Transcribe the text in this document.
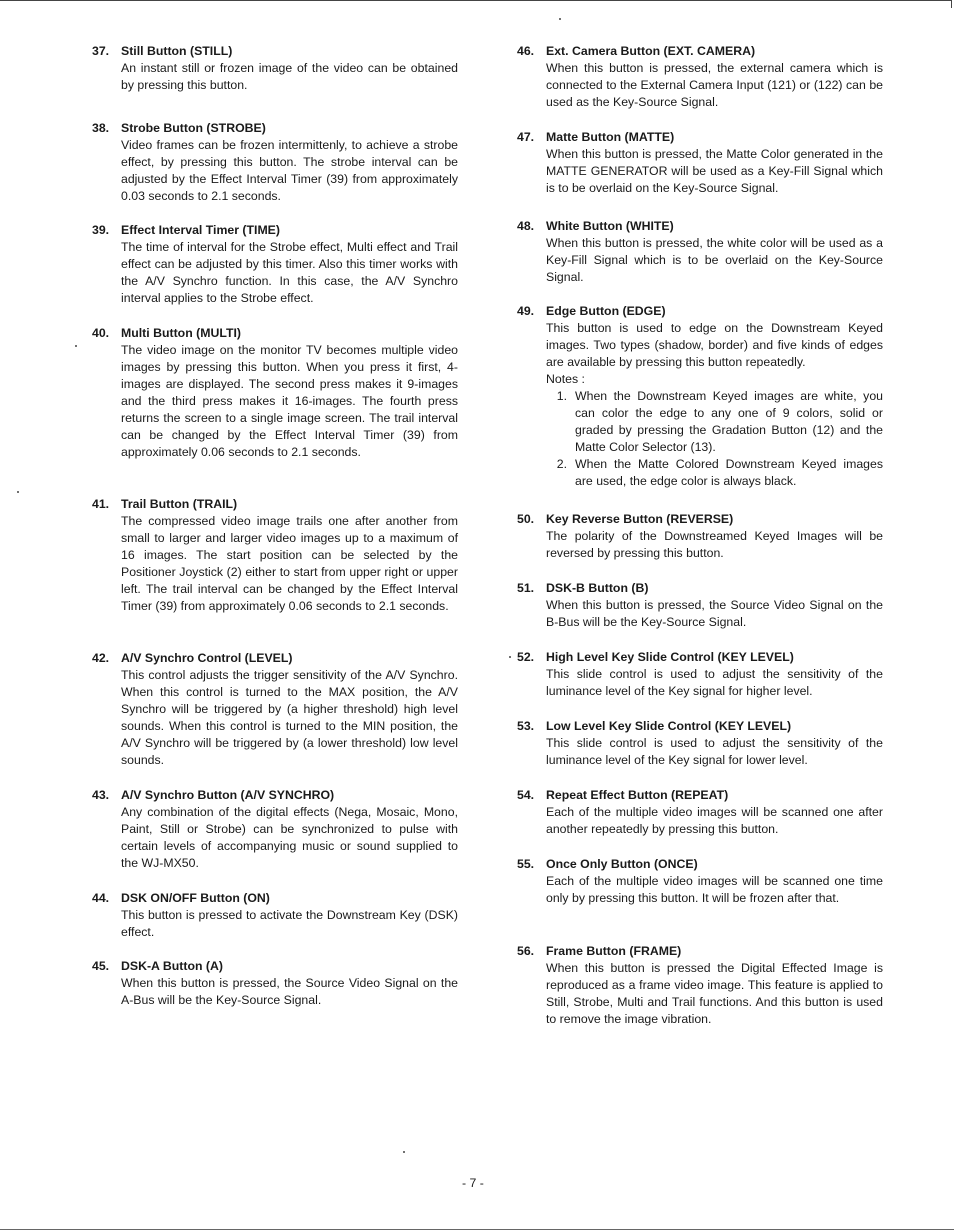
37. Still Button (STILL)
An instant still or frozen image of the video can be obtained by pressing this button.
38. Strobe Button (STROBE)
Video frames can be frozen intermittenly, to achieve a strobe effect, by pressing this button. The strobe interval can be adjusted by the Effect Interval Timer (39) from approximately 0.03 seconds to 2.1 seconds.
39. Effect Interval Timer (TIME)
The time of interval for the Strobe effect, Multi effect and Trail effect can be adjusted by this timer. Also this timer works with the A/V Synchro function. In this case, the A/V Synchro interval applies to the Strobe effect.
40. Multi Button (MULTI)
The video image on the monitor TV becomes multiple video images by pressing this button. When you press it first, 4-images are displayed. The second press makes it 9-images and the third press makes it 16-images. The fourth press returns the screen to a single image screen. The trail interval can be changed by the Effect Interval Timer (39) from approximately 0.06 seconds to 2.1 seconds.
41. Trail Button (TRAIL)
The compressed video image trails one after another from small to larger and larger video images up to a maximum of 16 images. The start position can be selected by the Positioner Joystick (2) either to start from upper right or upper left. The trail interval can be changed by the Effect Interval Timer (39) from approximately 0.06 seconds to 2.1 seconds.
42. A/V Synchro Control (LEVEL)
This control adjusts the trigger sensitivity of the A/V Synchro. When this control is turned to the MAX position, the A/V Synchro will be triggered by (a higher threshold) high level sounds. When this control is turned to the MIN position, the A/V Synchro will be triggered by (a lower threshold) low level sounds.
43. A/V Synchro Button (A/V SYNCHRO)
Any combination of the digital effects (Nega, Mosaic, Mono, Paint, Still or Strobe) can be synchronized to pulse with certain levels of accompanying music or sound supplied to the WJ-MX50.
44. DSK ON/OFF Button (ON)
This button is pressed to activate the Downstream Key (DSK) effect.
45. DSK-A Button (A)
When this button is pressed, the Source Video Signal on the A-Bus will be the Key-Source Signal.
46. Ext. Camera Button (EXT. CAMERA)
When this button is pressed, the external camera which is connected to the External Camera Input (121) or (122) can be used as the Key-Source Signal.
47. Matte Button (MATTE)
When this button is pressed, the Matte Color generated in the MATTE GENERATOR will be used as a Key-Fill Signal which is to be overlaid on the Key-Source Signal.
48. White Button (WHITE)
When this button is pressed, the white color will be used as a Key-Fill Signal which is to be overlaid on the Key-Source Signal.
49. Edge Button (EDGE)
This button is used to edge on the Downstream Keyed images. Two types (shadow, border) and five kinds of edges are available by pressing this button repeatedly.
Notes :
1. When the Downstream Keyed images are white, you can color the edge to any one of 9 colors, solid or graded by pressing the Gradation Button (12) and the Matte Color Selector (13).
2. When the Matte Colored Downstream Keyed images are used, the edge color is always black.
50. Key Reverse Button (REVERSE)
The polarity of the Downstreamed Keyed Images will be reversed by pressing this button.
51. DSK-B Button (B)
When this button is pressed, the Source Video Signal on the B-Bus will be the Key-Source Signal.
52. High Level Key Slide Control (KEY LEVEL)
This slide control is used to adjust the sensitivity of the luminance level of the Key signal for higher level.
53. Low Level Key Slide Control (KEY LEVEL)
This slide control is used to adjust the sensitivity of the luminance level of the Key signal for lower level.
54. Repeat Effect Button (REPEAT)
Each of the multiple video images will be scanned one after another repeatedly by pressing this button.
55. Once Only Button (ONCE)
Each of the multiple video images will be scanned one time only by pressing this button. It will be frozen after that.
56. Frame Button (FRAME)
When this button is pressed the Digital Effected Image is reproduced as a frame video image. This feature is applied to Still, Strobe, Multi and Trail functions. And this button is used to remove the image vibration.
- 7 -
